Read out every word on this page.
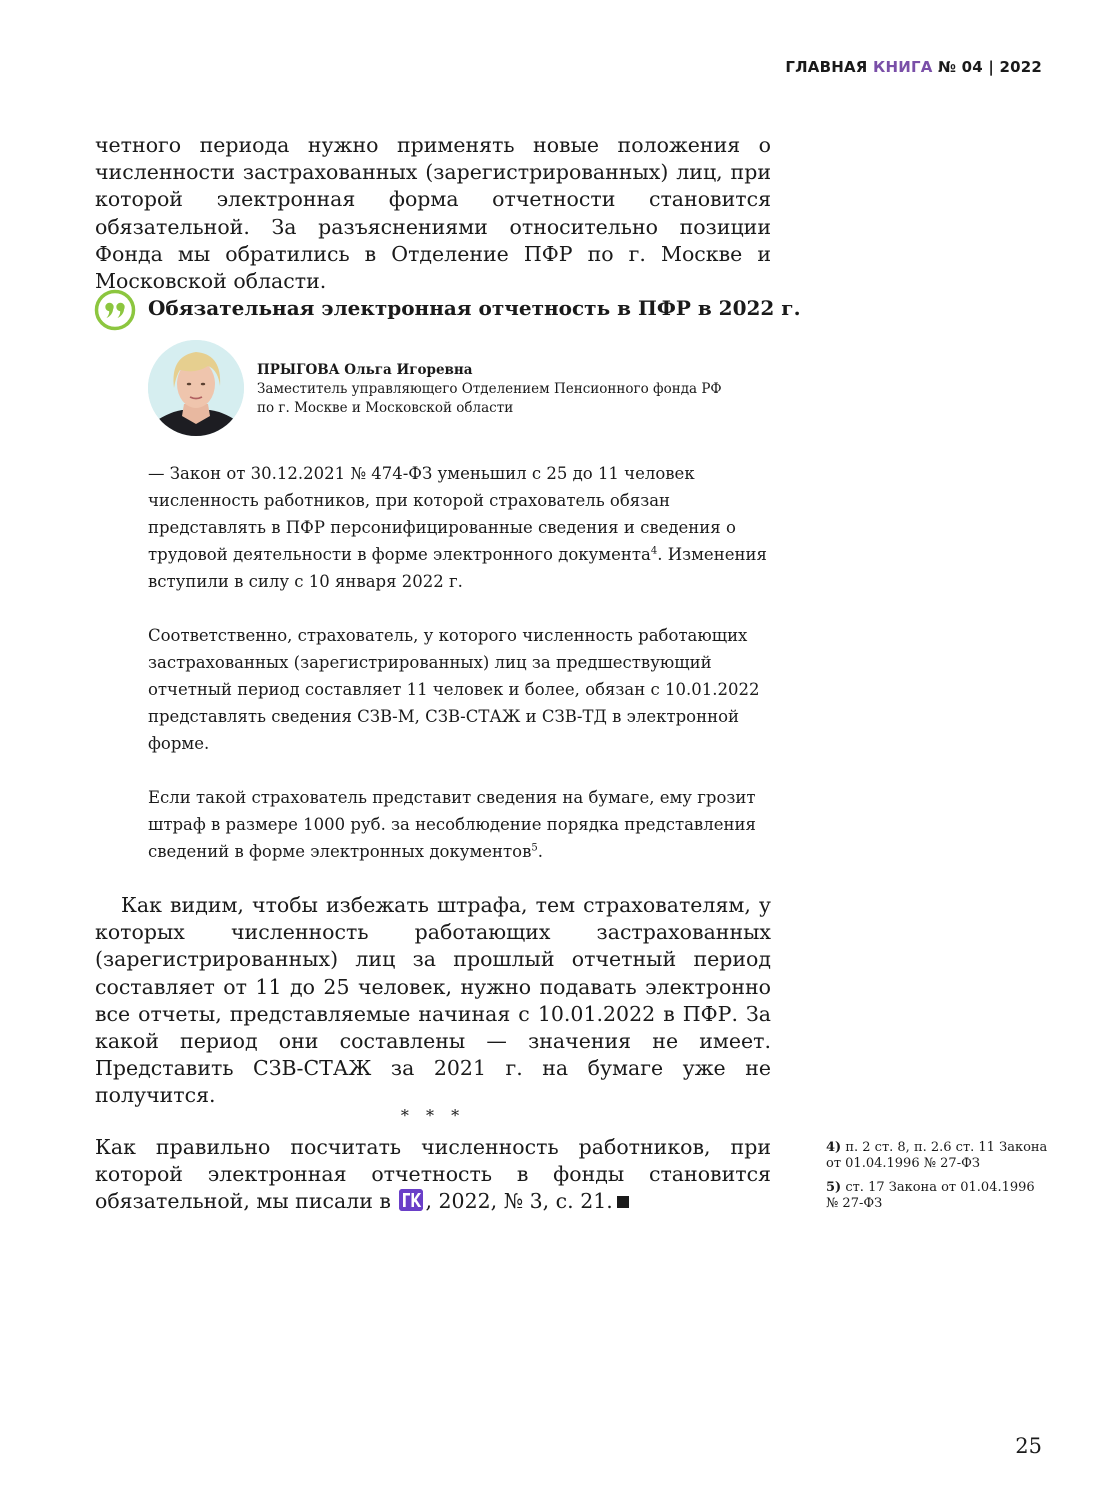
ГЛАВНАЯ КНИГА № 04 | 2022

четного периода нужно применять новые положения о численности застрахованных (зарегистрированных) лиц, при которой электронная форма отчетности становится обязательной. За разъяснениями относительно позиции Фонда мы обратились в Отделение ПФР по г. Москве и Московской области.

Обязательная электронная отчетность в ПФР в 2022 г.

ПРЫГОВА Ольга Игоревна

Заместитель управляющего Отделением Пенсионного фонда РФ
по г. Москве и Московской области

— Закон от 30.12.2021 № 474-ФЗ уменьшил с 25 до 11 человек численность работников, при которой страхователь обязан представлять в ПФР персонифицированные сведения и сведения о трудовой деятельности в форме электронного документа$^4$. Изменения вступили в силу с 10 января 2022 г.

Соответственно, страхователь, у которого численность работающих застрахованных (зарегистрированных) лиц за предшествующий отчетный период составляет 11 человек и более, обязан с 10.01.2022 представлять сведения СЗВ-М, СЗВ-СТАЖ и СЗВ-ТД в электронной форме.

Если такой страхователь представит сведения на бумаге, ему грозит штраф в размере 1000 руб. за несоблюдение порядка представления сведений в форме электронных документов$^5$.

Как видим, чтобы избежать штрафа, тем страхователям, у которых численность работающих застрахованных (зарегистрированных) лиц за прошлый отчетный период составляет от 11 до 25 человек, нужно подавать электронно все отчеты, представляемые начиная с 10.01.2022 в ПФР. За какой период они составлены — значения не имеет. Представить СЗВ-СТАЖ за 2021 г. на бумаге уже не получится.

* * *

Как правильно посчитать численность работников, при которой электронная отчетность в фонды становится обязательной, мы писали в , 2022, № 3, с. 21.

4) п. 2 ст. 8, п. 2.6 ст. 11 Закона от 01.04.1996 № 27-ФЗ

5) ст. 17 Закона от 01.04.1996 № 27-ФЗ

25
